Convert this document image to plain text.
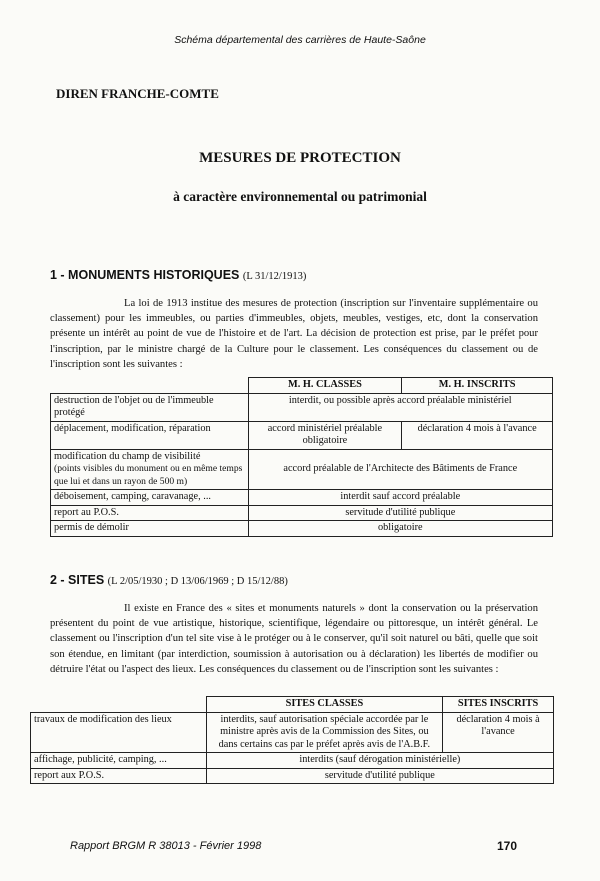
Schéma départemental des carrières de Haute-Saône
DIREN FRANCHE-COMTE
MESURES DE PROTECTION
à caractère environnemental ou patrimonial
1 - MONUMENTS HISTORIQUES (L 31/12/1913)
La loi de 1913 institue des mesures de protection (inscription sur l'inventaire supplémentaire ou classement) pour les immeubles, ou parties d'immeubles, objets, meubles, vestiges, etc, dont la conservation présente un intérêt au point de vue de l'histoire et de l'art. La décision de protection est prise, par le préfet pour l'inscription, par le ministre chargé de la Culture pour le classement. Les conséquences du classement ou de l'inscription sont les suivantes :
	M. H. CLASSES	M. H. INSCRITS
destruction de l'objet ou de l'immeuble protégé	interdit, ou possible après accord préalable ministériel	
déplacement, modification, réparation	accord ministériel préalable obligatoire	déclaration 4 mois à l'avance
modification du champ de visibilité
(points visibles du monument ou en même temps que lui et dans un rayon de 500 m)	accord préalable de l'Architecte des Bâtiments de France	
déboisement, camping, caravanage, ...	interdit sauf accord préalable	
report au P.O.S.	servitude d'utilité publique	
permis de démolir	obligatoire	
2 - SITES (L 2/05/1930 ; D 13/06/1969 ; D 15/12/88)
Il existe en France des « sites et monuments naturels » dont la conservation ou la préservation présentent du point de vue artistique, historique, scientifique, légendaire ou pittoresque, un intérêt général. Le classement ou l'inscription d'un tel site vise à le protéger ou à le conserver, qu'il soit naturel ou bâti, quelle que soit son étendue, en limitant (par interdiction, soumission à autorisation ou à déclaration) les libertés de modifier ou détruire l'état ou l'aspect des lieux. Les conséquences du classement ou de l'inscription sont les suivantes :
	SITES CLASSES	SITES INSCRITS
travaux de modification des lieux	interdits, sauf autorisation spéciale accordée par le ministre après avis de la Commission des Sites, ou dans certains cas par le préfet après avis de l'A.B.F.	déclaration 4 mois à l'avance
affichage, publicité, camping, ...	interdits (sauf dérogation ministérielle)	
report aux P.O.S.	servitude d'utilité publique	
Rapport BRGM R 38013 - Février 1998	170
